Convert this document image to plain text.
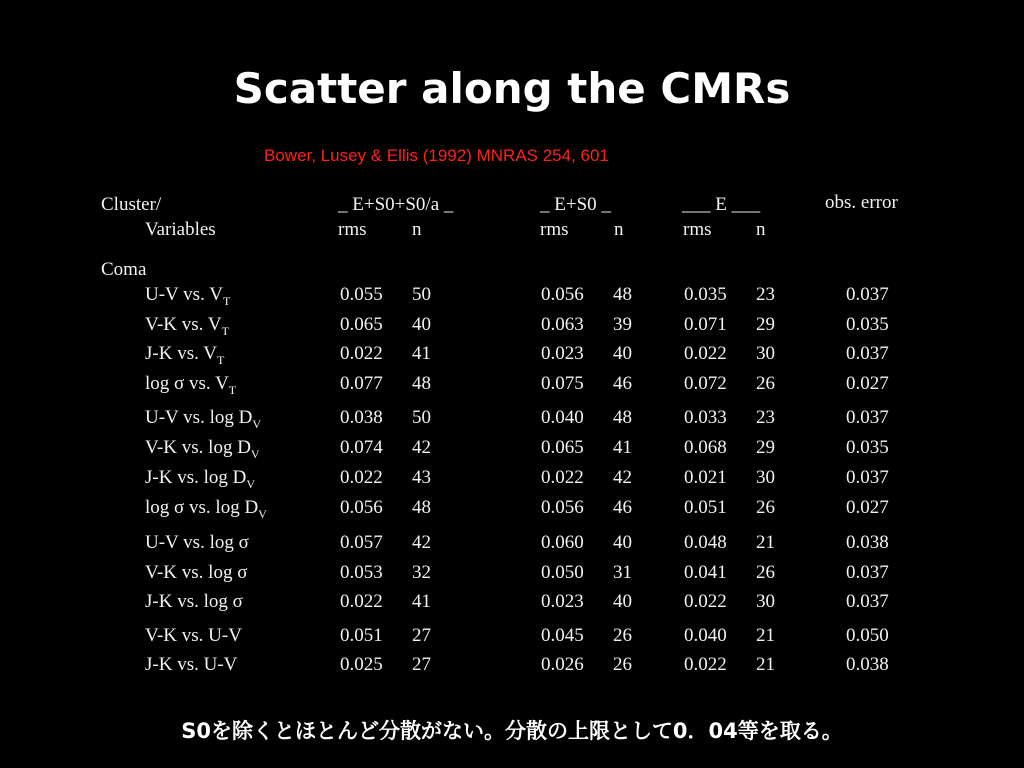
Scatter along the CMRs
Bower, Lusey & Ellis (1992) MNRAS 254, 601
Cluster/
Variables
_ E+S0+S0/a _	_ E+S0 _	___ E ___	obs. error
rms n	rms n	rms n
Coma
U-V vs. $V_T$	0.055 50	0.056 48	0.035 23	0.037
V-K vs. $V_T$	0.065 40	0.063 39	0.071 29	0.035
J-K vs. $V_T$	0.022 41	0.023 40	0.022 30	0.037
log σ vs. $V_T$	0.077 48	0.075 46	0.072 26	0.027
U-V vs. $\log D_V$	0.038 50	0.040 48	0.033 23	0.037
V-K vs. $\log D_V$	0.074 42	0.065 41	0.068 29	0.035
J-K vs. $\log D_V$	0.022 43	0.022 42	0.021 30	0.037
log σ vs. $\log D_V$	0.056 48	0.056 46	0.051 26	0.027
U-V vs. log σ	0.057 42	0.060 40	0.048 21	0.038
V-K vs. log σ	0.053 32	0.050 31	0.041 26	0.037
J-K vs. log σ	0.022 41	0.023 40	0.022 30	0.037
V-K vs. U-V	0.051 27	0.045 26	0.040 21	0.050
J-K vs. U-V	0.025 27	0.026 26	0.022 21	0.038
S0を除くとほとんど分散がない。分散の上限として0．04等を取る。
